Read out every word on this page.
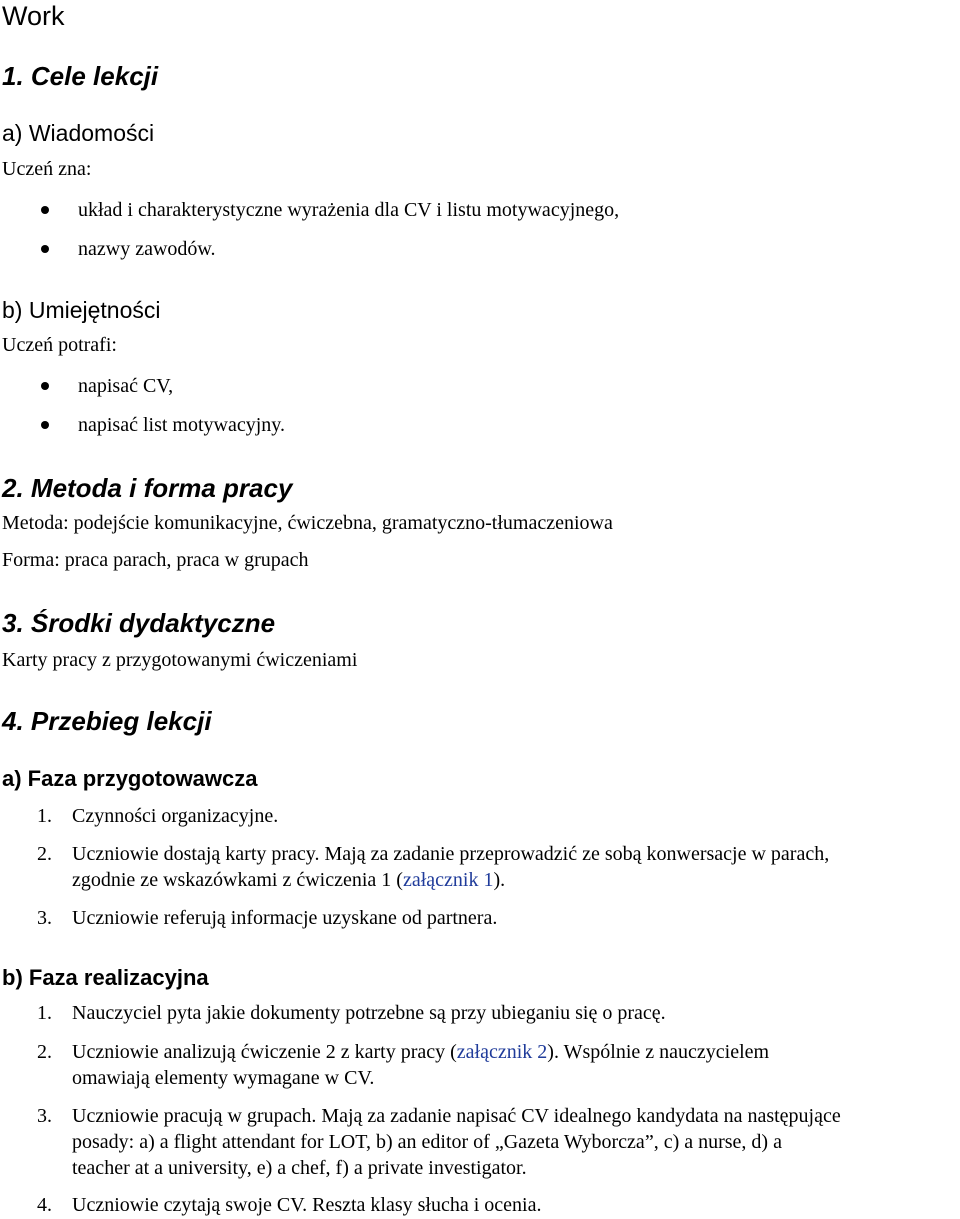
Work
1. Cele lekcji
a) Wiadomości
Uczeń zna:
układ i charakterystyczne wyrażenia dla CV i listu motywacyjnego,
nazwy zawodów.
b) Umiejętności
Uczeń potrafi:
napisać CV,
napisać list motywacyjny.
2. Metoda i forma pracy
Metoda: podejście komunikacyjne, ćwiczebna, gramatyczno-tłumaczeniowa
Forma: praca parach, praca w grupach
3. Środki dydaktyczne
Karty pracy z przygotowanymi ćwiczeniami
4. Przebieg lekcji
a) Faza przygotowawcza
1. Czynności organizacyjne.
2. Uczniowie dostają karty pracy. Mają za zadanie przeprowadzić ze sobą konwersacje w parach,
zgodnie ze wskazówkami z ćwiczenia 1 (załącznik 1).
3. Uczniowie referują informacje uzyskane od partnera.
b) Faza realizacyjna
1. Nauczyciel pyta jakie dokumenty potrzebne są przy ubieganiu się o pracę.
2. Uczniowie analizują ćwiczenie 2 z karty pracy (załącznik 2). Wspólnie z nauczycielem
omawiają elementy wymagane w CV.
3. Uczniowie pracują w grupach. Mają za zadanie napisać CV idealnego kandydata na następujące
posady: a) a flight attendant for LOT, b) an editor of „Gazeta Wyborcza”, c) a nurse, d) a
teacher at a university, e) a chef, f) a private investigator.
4. Uczniowie czytają swoje CV. Reszta klasy słucha i ocenia.
